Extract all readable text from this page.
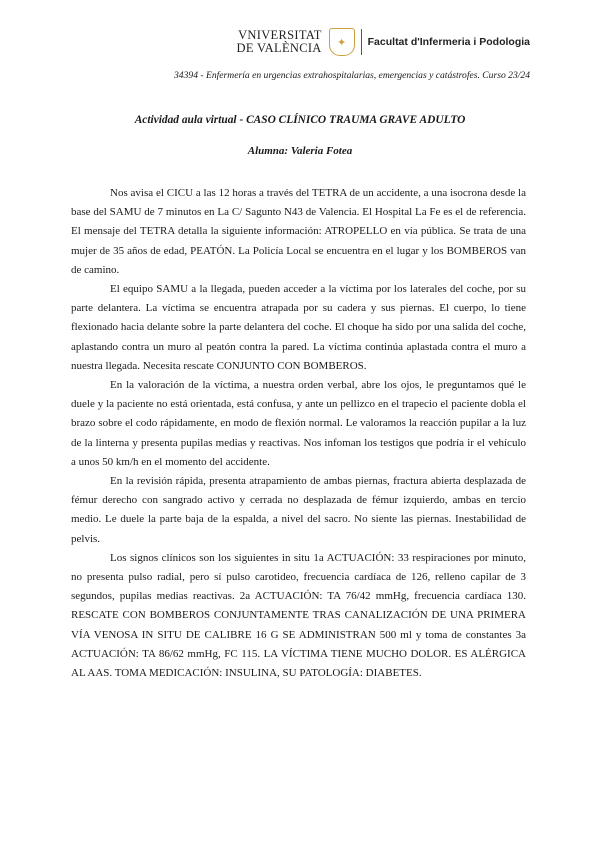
VNIVERSITAT
DE VALÈNCIA	✦	Facultat d'Infermeria i Podologia
34394 - Enfermería en urgencias extrahospitalarias, emergencias y catástrofes. Curso 23/24
Actividad aula virtual - CASO CLÍNICO TRAUMA GRAVE ADULTO
Alumna: Valeria Fotea

Nos avisa el CICU a las 12 horas a través del TETRA de un accidente, a una isocrona desde la base del SAMU de 7 minutos en La C/ Sagunto N43 de Valencia. El Hospital La Fe es el de referencia. El mensaje del TETRA detalla la siguiente información: ATROPELLO en vía pública. Se trata de una mujer de 35 años de edad, PEATÓN. La Policía Local se encuentra en el lugar y los BOMBEROS van de camino.

El equipo SAMU a la llegada, pueden acceder a la víctima por los laterales del coche, por su parte delantera. La víctima se encuentra atrapada por su cadera y sus piernas. El cuerpo, lo tiene flexionado hacia delante sobre la parte delantera del coche. El choque ha sido por una salida del coche, aplastando contra un muro al peatón contra la pared. La víctima continúa aplastada contra el muro a nuestra llegada. Necesita rescate CONJUNTO CON BOMBEROS.

En la valoración de la víctima, a nuestra orden verbal, abre los ojos, le preguntamos qué le duele y la paciente no está orientada, está confusa, y ante un pellizco en el trapecio el paciente dobla el brazo sobre el codo rápidamente, en modo de flexión normal. Le valoramos la reacción pupilar a la luz de la linterna y presenta pupilas medias y reactivas. Nos infoman los testigos que podría ir el vehículo a unos 50 km/h en el momento del accidente.

En la revisión rápida, presenta atrapamiento de ambas piernas, fractura abierta desplazada de fémur derecho con sangrado activo y cerrada no desplazada de fémur izquierdo, ambas en tercio medio. Le duele la parte baja de la espalda, a nivel del sacro. No siente las piernas. Inestabilidad de pelvis.

Los signos clínicos son los siguientes in situ 1a ACTUACIÓN: 33 respiraciones por minuto, no presenta pulso radial, pero sí pulso carotideo, frecuencia cardíaca de 126, relleno capilar de 3 segundos, pupilas medias reactivas. 2a ACTUACIÓN: TA 76/42 mmHg, frecuencia cardíaca 130. RESCATE CON BOMBEROS CONJUNTAMENTE TRAS CANALIZACIÓN DE UNA PRIMERA VÍA VENOSA IN SITU DE CALIBRE 16 G SE ADMINISTRAN 500 ml y toma de constantes 3a ACTUACIÓN: TA 86/62 mmHg, FC 115. LA VÍCTIMA TIENE MUCHO DOLOR. ES ALÉRGICA AL AAS. TOMA MEDICACIÓN: INSULINA, SU PATOLOGÍA: DIABETES.
